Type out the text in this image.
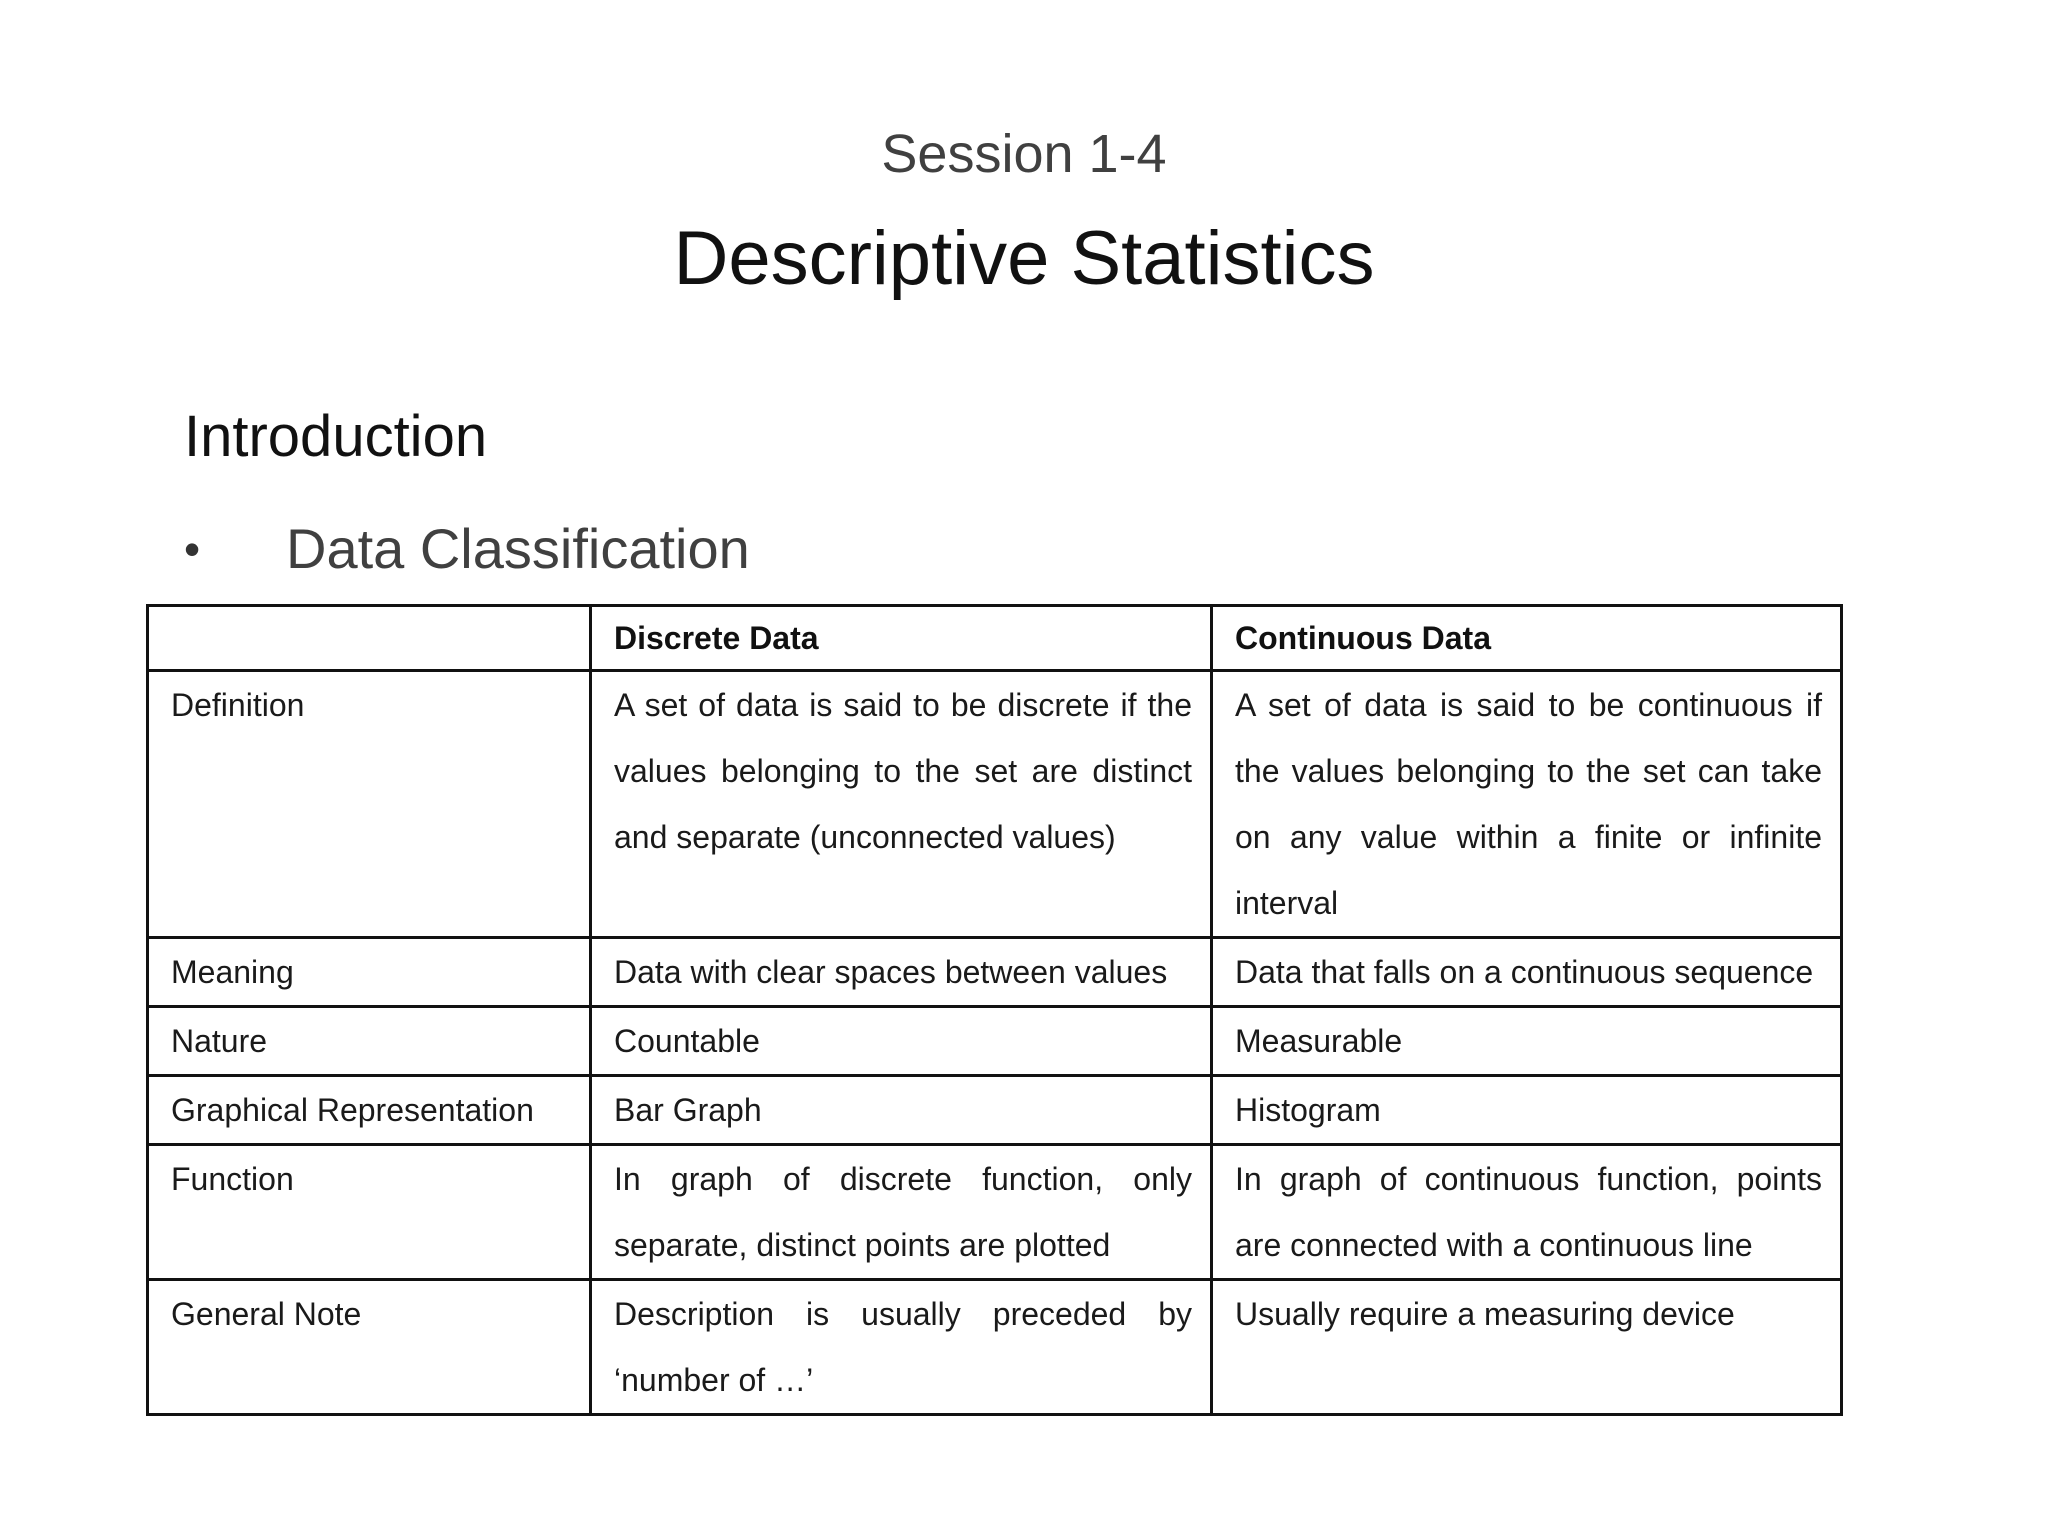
Session 1-4
Descriptive Statistics
Introduction
•	Data Classification
	Discrete Data	Continuous Data
Definition	A set of data is said to be discrete if the values belonging to the set are distinct and separate (unconnected values)	A set of data is said to be continuous if the values belonging to the set can take on any value within a finite or infinite interval
Meaning	Data with clear spaces between values	Data that falls on a continuous sequence
Nature	Countable	Measurable
Graphical Representation	Bar Graph	Histogram
Function	In graph of discrete function, only separate, distinct points are plotted	In graph of continuous function, points are connected with a continuous line
General Note	Description is usually preceded by ‘number of …’	Usually require a measuring device
